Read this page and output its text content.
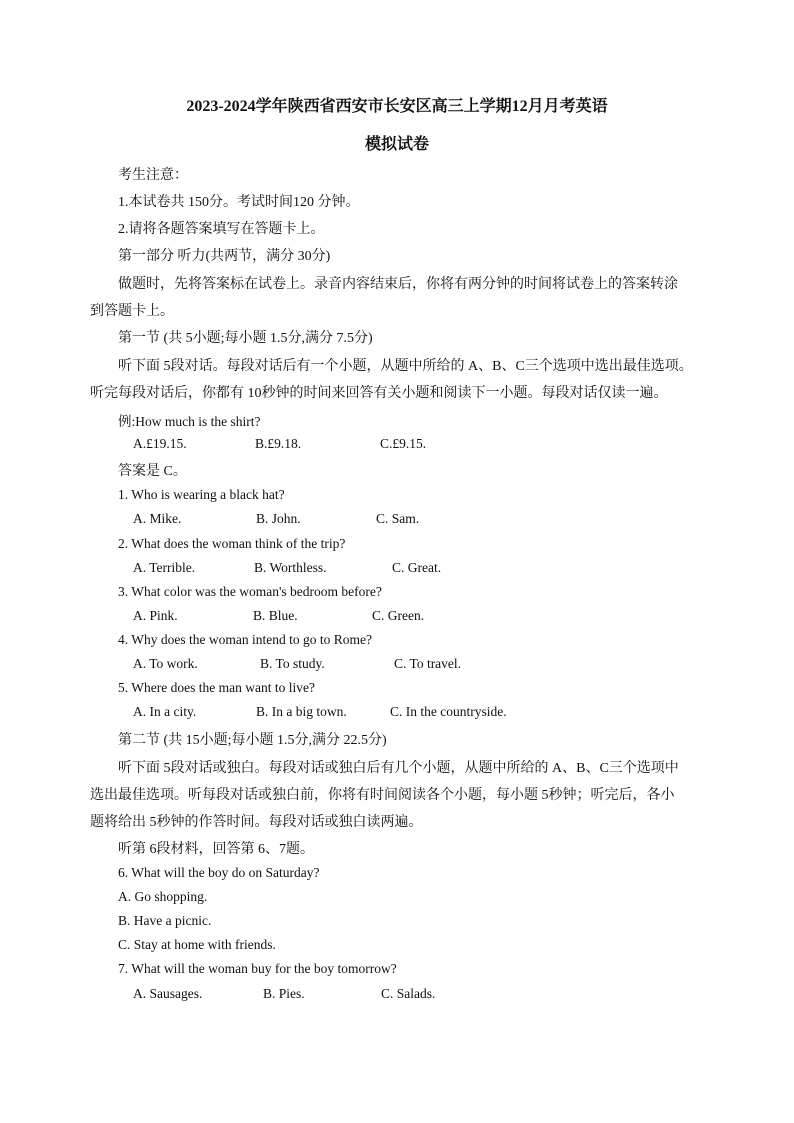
2023-2024学年陕西省西安市长安区高三上学期12月月考英语
模拟试卷
考生注意：
1.本试卷共 150分。考试时间120 分钟。
2.请将各题答案填写在答题卡上。
第一部分 听力(共两节，满分 30分)
做题时，先将答案标在试卷上。录音内容结束后，你将有两分钟的时间将试卷上的答案转涂
到答题卡上。
第一节 (共 5小题;每小题 1.5分,满分 7.5分)
听下面 5段对话。每段对话后有一个小题，从题中所给的 A、B、C三个选项中选出最佳选项。
听完每段对话后，你都有 10秒钟的时间来回答有关小题和阅读下一小题。每段对话仅读一遍。
例:How much is the shirt?
A.£19.15.	B.£9.18.	C.£9.15.
答案是 C。
1. Who is wearing a black hat?
A. Mike.	B. John.	C. Sam.
2. What does the woman think of the trip?
A. Terrible.	B. Worthless.	C. Great.
3. What color was the woman's bedroom before?
A. Pink.	B. Blue.	C. Green.
4. Why does the woman intend to go to Rome?
A. To work.	B. To study.	C. To travel.
5. Where does the man want to live?
A. In a city.	B. In a big town.	C. In the countryside.
第二节 (共 15小题;每小题 1.5分,满分 22.5分)
听下面 5段对话或独白。每段对话或独白后有几个小题，从题中所给的 A、B、C三个选项中
选出最佳选项。听每段对话或独白前，你将有时间阅读各个小题，每小题 5秒钟；听完后，各小
题将给出 5秒钟的作答时间。每段对话或独白读两遍。
听第 6段材料，回答第 6、7题。
6. What will the boy do on Saturday?
A. Go shopping.
B. Have a picnic.
C. Stay at home with friends.
7. What will the woman buy for the boy tomorrow?
A. Sausages.	B. Pies.	C. Salads.
